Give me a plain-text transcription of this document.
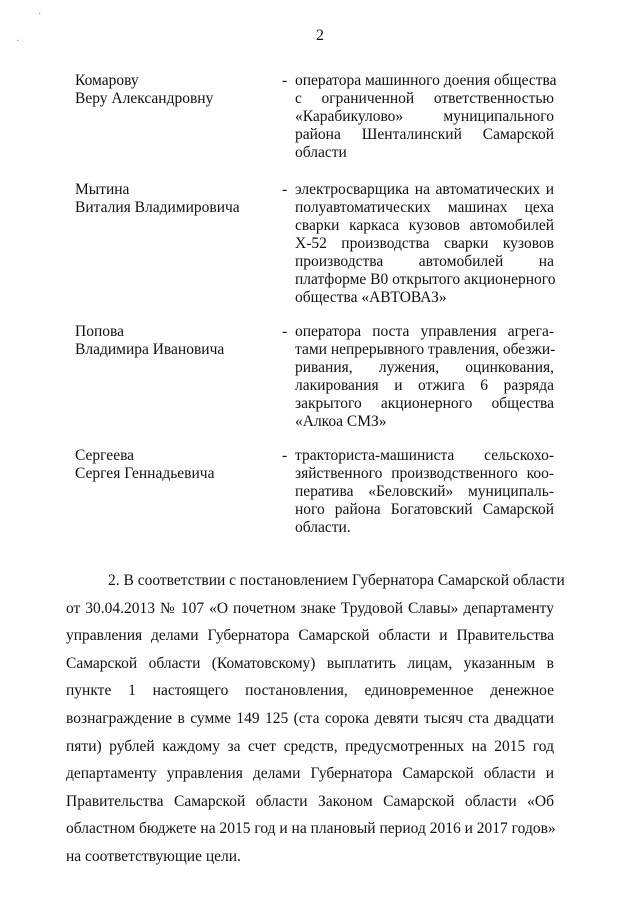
·
·	2
Комарову
Веру Александровну
- оператора машинного доения общества
с ограниченной ответственностью
«Карабикулово» муниципального
района Шенталинский Самарской
области
Мытина
Виталия Владимировича
- электросварщика на автоматических и
полуавтоматических машинах цеха
сварки каркаса кузовов автомобилей
Х-52 производства сварки кузовов
производства автомобилей на
платформе В0 открытого акционерного
общества «АВТОВАЗ»
Попова
Владимира Ивановича
- оператора поста управления агрега-
тами непрерывного травления, обезжи-
ривания, лужения, оцинкования,
лакирования и отжига 6 разряда
закрытого акционерного общества
«Алкоа СМЗ»
Сергеева
Сергея Геннадьевича
- тракториста-машиниста сельскохо-
зяйственного производственного коо-
ператива «Беловский» муниципаль-
ного района Богатовский Самарской
области.
2. В соответствии с постановлением Губернатора Самарской области
от 30.04.2013 № 107 «О почетном знаке Трудовой Славы» департаменту
управления делами Губернатора Самарской области и Правительства
Самарской области (Коматовскому) выплатить лицам, указанным в
пункте 1 настоящего постановления, единовременное денежное
вознаграждение в сумме 149 125 (ста сорока девяти тысяч ста двадцати
пяти) рублей каждому за счет средств, предусмотренных на 2015 год
департаменту управления делами Губернатора Самарской области и
Правительства Самарской области Законом Самарской области «Об
областном бюджете на 2015 год и на плановый период 2016 и 2017 годов»
на соответствующие цели.
